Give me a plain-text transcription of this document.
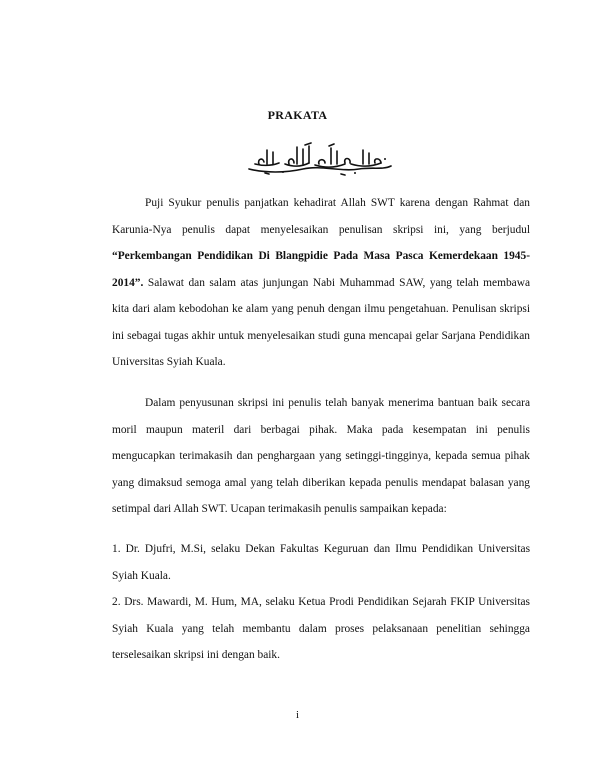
PRAKATA

Puji Syukur penulis panjatkan kehadirat Allah SWT karena dengan Rahmat dan Karunia-Nya penulis dapat menyelesaikan penulisan skripsi ini, yang berjudul “Perkembangan Pendidikan Di Blangpidie Pada Masa Pasca Kemerdekaan 1945-2014”. Salawat dan salam atas junjungan Nabi Muhammad SAW, yang telah membawa kita dari alam kebodohan ke alam yang penuh dengan ilmu pengetahuan. Penulisan skripsi ini sebagai tugas akhir untuk menyelesaikan studi guna mencapai gelar Sarjana Pendidikan Universitas Syiah Kuala.

Dalam penyusunan skripsi ini penulis telah banyak menerima bantuan baik secara moril maupun materil dari berbagai pihak. Maka pada kesempatan ini penulis mengucapkan terimakasih dan penghargaan yang setinggi-tingginya, kepada semua pihak yang dimaksud semoga amal yang telah diberikan kepada penulis mendapat balasan yang setimpal dari Allah SWT. Ucapan terimakasih penulis sampaikan kepada:

1. Dr. Djufri, M.Si, selaku Dekan Fakultas Keguruan dan Ilmu Pendidikan Universitas Syiah Kuala.

2. Drs. Mawardi, M. Hum, MA, selaku Ketua Prodi Pendidikan Sejarah FKIP Universitas Syiah Kuala yang telah membantu dalam proses pelaksanaan penelitian sehingga terselesaikan skripsi ini dengan baik.

i
